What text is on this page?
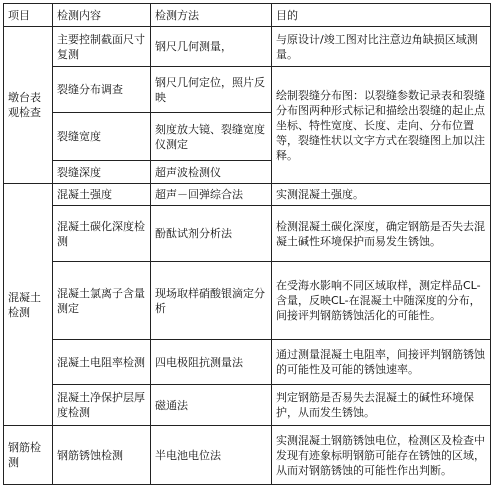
项目	检测内容	检测方法	目的
墩台表观检查	主要控制截面尺寸复测	钢尺几何测量，	与原设计/竣工图对比注意边角缺损区域测量。
	裂缝分布调查	钢尺几何定位，照片反映	绘制裂缝分布图：以裂缝参数记录表和裂缝分布图两种形式标记和描绘出裂缝的起止点坐标、特性宽度、长度、走向、分布位置等，裂缝性状以文字方式在裂缝图上加以注释。
	裂缝宽度	刻度放大镜、裂缝宽度仪测定	
	裂缝深度	超声波检测仪	
混凝土检测	混凝土强度	超声－回弹综合法	实测混凝土强度。
	混凝土碳化深度检测	酚酞试剂分析法	检测混凝土碳化深度，确定钢筋是否失去混凝土碱性环境保护而易发生锈蚀。
	混凝土氯离子含量测定	现场取样硝酸银滴定分析	在受海水影响不同区域取样，测定样品CL-含量，反映CL-在混凝土中随深度的分布，间接评判钢筋锈蚀活化的可能性。
	混凝土电阻率检测	四电极阻抗测量法	通过测量混凝土电阻率，间接评判钢筋锈蚀的可能性及可能的锈蚀速率。
	混凝土净保护层厚度检测	磁通法	判定钢筋是否易失去混凝土的碱性环境保护，从而发生锈蚀。
钢筋检测	钢筋锈蚀检测	半电池电位法	实测混凝土钢筋锈蚀电位，检测区及检查中发现有迹象标明钢筋可能存在锈蚀的区域，从而对钢筋锈蚀的可能性作出判断。
